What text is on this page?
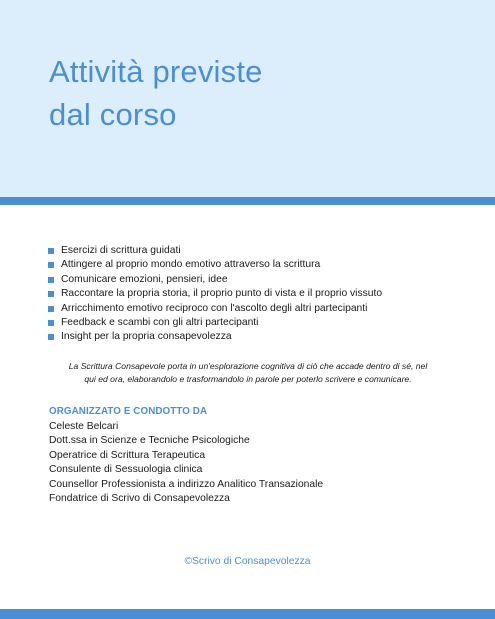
Attività previste
dal corso
Esercizi di scrittura guidati
Attingere al proprio mondo emotivo attraverso la scrittura
Comunicare emozioni, pensieri, idee
Raccontare la propria storia, il proprio punto di vista e il proprio vissuto
Arricchimento emotivo reciproco con l'ascolto degli altri partecipanti
Feedback e scambi con gli altri partecipanti
Insight per la propria consapevolezza

La Scrittura Consapevole porta in un'esplorazione cognitiva di ciò che accade dentro di sé, nel
qui ed ora, elaborandolo e trasformandolo in parole per poterlo scrivere e comunicare.

ORGANIZZATO E CONDOTTO DA
Celeste Belcari
Dott.ssa in Scienze e Tecniche Psicologiche
Operatrice di Scrittura Terapeutica
Consulente di Sessuologia clinica
Counsellor Professionista a indirizzo Analitico Transazionale
Fondatrice di Scrivo di Consapevolezza

©Scrivo di Consapevolezza
